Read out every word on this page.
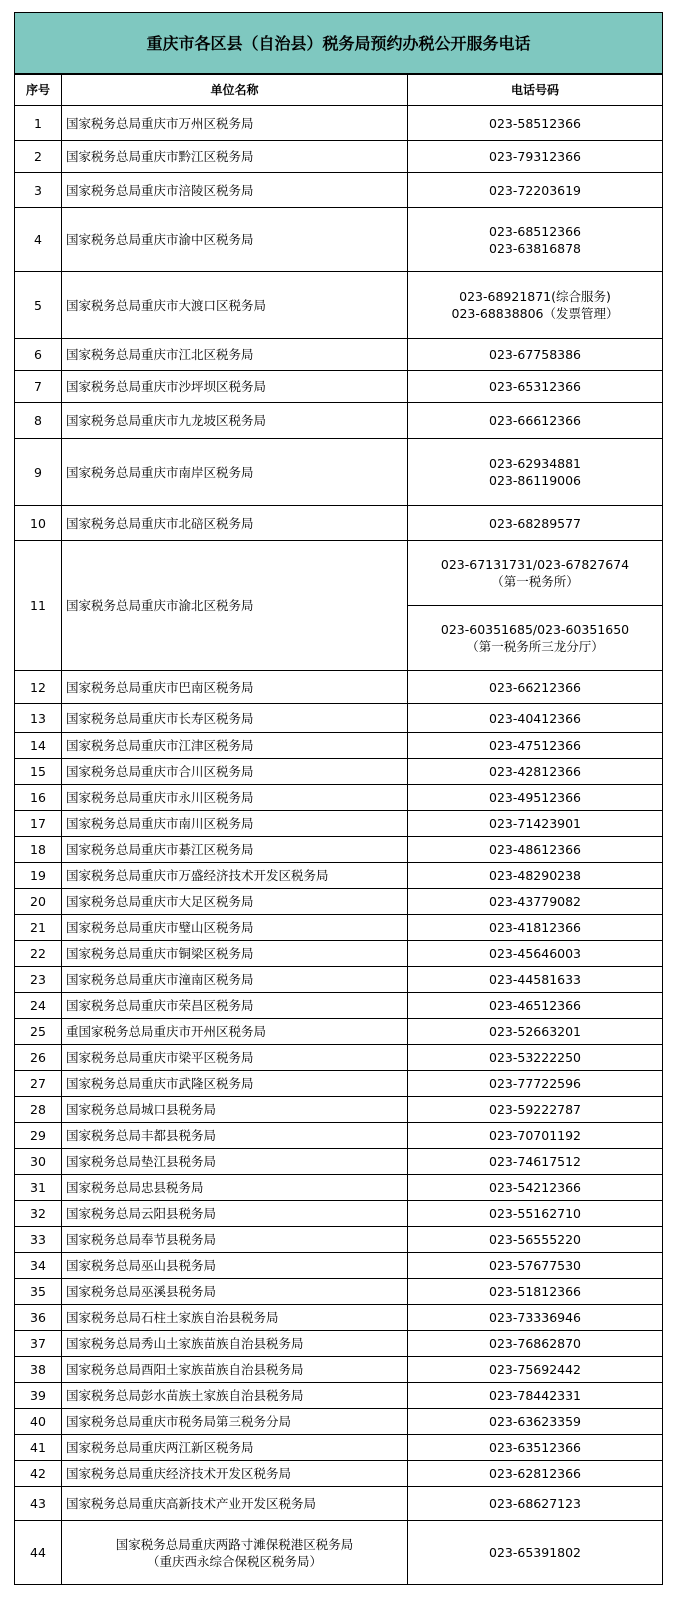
重庆市各区县（自治县）税务局预约办税公开服务电话		
序号	单位名称	电话号码
1	国家税务总局重庆市万州区税务局	023-58512366

2	国家税务总局重庆市黔江区税务局	023-79312366

3	国家税务总局重庆市涪陵区税务局	023-72203619

4	国家税务总局重庆市渝中区税务局	023-68512366
023-63816878

5	国家税务总局重庆市大渡口区税务局	023-68921871(综合服务)
023-68838806（发票管理）

6	国家税务总局重庆市江北区税务局	023-67758386

7	国家税务总局重庆市沙坪坝区税务局	023-65312366

8	国家税务总局重庆市九龙坡区税务局	023-66612366

9	国家税务总局重庆市南岸区税务局	023-62934881
023-86119006

10	国家税务总局重庆市北碚区税务局	023-68289577

11	国家税务总局重庆市渝北区税务局	023-67131731/023-67827674
（第一税务所）

		023-60351685/023-60351650
（第一税务所三龙分厅）

12	国家税务总局重庆市巴南区税务局	023-66212366

13	国家税务总局重庆市长寿区税务局	023-40412366

14	国家税务总局重庆市江津区税务局	023-47512366

15	国家税务总局重庆市合川区税务局	023-42812366

16	国家税务总局重庆市永川区税务局	023-49512366

17	国家税务总局重庆市南川区税务局	023-71423901

18	国家税务总局重庆市綦江区税务局	023-48612366

19	国家税务总局重庆市万盛经济技术开发区税务局	023-48290238

20	国家税务总局重庆市大足区税务局	023-43779082

21	国家税务总局重庆市璧山区税务局	023-41812366

22	国家税务总局重庆市铜梁区税务局	023-45646003

23	国家税务总局重庆市潼南区税务局	023-44581633

24	国家税务总局重庆市荣昌区税务局	023-46512366

25	重国家税务总局重庆市开州区税务局	023-52663201

26	国家税务总局重庆市梁平区税务局	023-53222250

27	国家税务总局重庆市武隆区税务局	023-77722596

28	国家税务总局城口县税务局	023-59222787

29	国家税务总局丰都县税务局	023-70701192

30	国家税务总局垫江县税务局	023-74617512

31	国家税务总局忠县税务局	023-54212366

32	国家税务总局云阳县税务局	023-55162710

33	国家税务总局奉节县税务局	023-56555220

34	国家税务总局巫山县税务局	023-57677530

35	国家税务总局巫溪县税务局	023-51812366

36	国家税务总局石柱土家族自治县税务局	023-73336946

37	国家税务总局秀山土家族苗族自治县税务局	023-76862870

38	国家税务总局酉阳土家族苗族自治县税务局	023-75692442

39	国家税务总局彭水苗族土家族自治县税务局	023-78442331

40	国家税务总局重庆市税务局第三税务分局	023-63623359

41	国家税务总局重庆两江新区税务局	023-63512366

42	国家税务总局重庆经济技术开发区税务局	023-62812366

43	国家税务总局重庆高新技术产业开发区税务局	023-68627123

44	国家税务总局重庆两路寸滩保税港区税务局
（重庆西永综合保税区税务局）	023-65391802
